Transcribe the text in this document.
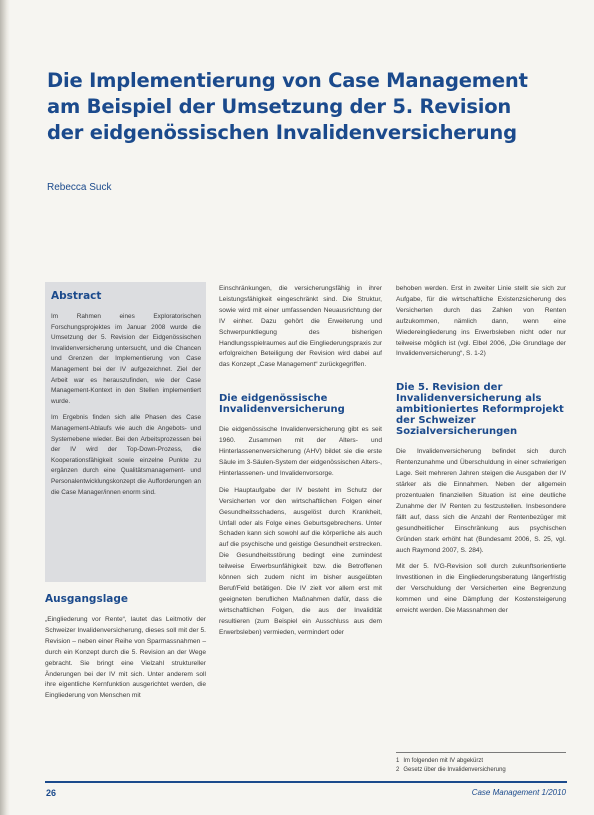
Die Implementierung von Case Management
am Beispiel der Umsetzung der 5. Revision
der eidgenössischen Invalidenversicherung
Rebecca Suck
Abstract

Im Rahmen eines Exploratorischen Forschungsprojektes im Januar 2008 wurde die Umsetzung der 5. Revision der Eidgenössischen Invalidenversicherung untersucht, und die Chancen und Grenzen der Implementierung von Case Management bei der IV aufgezeichnet. Ziel der Arbeit war es herauszufinden, wie der Case Management-Kontext in den Stellen implementiert wurde.

Im Ergebnis finden sich alle Phasen des Case Management-Ablaufs wie auch die Angebots- und Systemebene wieder. Bei den Arbeitsprozessen bei der IV wird der Top-Down-Prozess, die Kooperationsfähigkeit sowie einzelne Punkte zu ergänzen durch eine Qualitätsmanagement- und Personalentwicklungskonzept die Aufforderungen an die Case Manager/innen enorm sind.

Ausgangslage

„Eingliederung vor Rente“, lautet das Leitmotiv der Schweizer Invalidenversicherung, dieses soll mit der 5. Revision – neben einer Reihe von Sparmassnahmen – durch ein Konzept durch die 5. Revision an der Wege gebracht. Sie bringt eine Vielzahl struktureller Änderungen bei der IV mit sich. Unter anderem soll ihre eigentliche Kernfunktion ausgerichtet werden, die Eingliederung von Menschen mit

Einschränkungen, die versicherungsfähig in ihrer Leistungsfähigkeit eingeschränkt sind. Die Struktur, sowie wird mit einer umfassenden Neuausrichtung der IV einher. Dazu gehört die Erweiterung und Schwerpunktlegung des bisherigen Handlungsspielraumes auf die Eingliederungspraxis zur erfolgreichen Beteiligung der Revision wird dabei auf das Konzept „Case Management“ zurückgegriffen.

Die eidgenössische Invalidenversicherung

Die eidgenössische Invalidenversicherung gibt es seit 1960. Zusammen mit der Alters- und Hinterlassenenversicherung (AHV) bildet sie die erste Säule im 3-Säulen-System der eidgenössischen Alters-, Hinterlassenen- und Invalidenvorsorge.

Die Hauptaufgabe der IV besteht im Schutz der Versicherten vor den wirtschaftlichen Folgen einer Gesundheitsschadens, ausgelöst durch Krankheit, Unfall oder als Folge eines Geburtsgebrechens. Unter Schaden kann sich sowohl auf die körperliche als auch auf die psychische und geistige Gesundheit erstrecken. Die Gesundheitsstörung bedingt eine zumindest teilweise Erwerbsunfähigkeit bzw. die Betroffenen können sich zudem nicht im bisher ausgeübten Beruf/Feld betätigen. Die IV zielt vor allem erst mit geeigneten beruflichen Maßnahmen dafür, dass die wirtschaftlichen Folgen, die aus der Invalidität resultieren (zum Beispiel ein Ausschluss aus dem Erwerbsleben) vermieden, vermindert oder

behoben werden. Erst in zweiter Linie stellt sie sich zur Aufgabe, für die wirtschaftliche Existenzsicherung des Versicherten durch das Zahlen von Renten aufzukommen, nämlich dann, wenn eine Wiedereingliederung ins Erwerbsleben nicht oder nur teilweise möglich ist (vgl. Elbel 2006, „Die Grundlage der Invalidenversicherung“, S. 1-2)

Die 5. Revision der Invalidenversicherung als ambitioniertes Reformprojekt der Schweizer Sozialversicherungen

Die Invalidenversicherung befindet sich durch Rentenzunahme und Überschuldung in einer schwierigen Lage. Seit mehreren Jahren steigen die Ausgaben der IV stärker als die Einnahmen. Neben der allgemein prozentualen finanziellen Situation ist eine deutliche Zunahme der IV Renten zu festzustellen. Insbesondere fällt auf, dass sich die Anzahl der Rentenbezüger mit gesundheitlicher Einschränkung aus psychischen Gründen stark erhöht hat (Bundesamt 2006, S. 25, vgl. auch Raymond 2007, S. 284).

Mit der 5. IVG-Revision soll durch zukunftsorientierte Investitionen in die Eingliederungsberatung längerfristig der Verschuldung der Versicherten eine Begrenzung kommen und eine Dämpfung der Kostensteigerung erreicht werden. Die Massnahmen der

1 Im folgenden mit IV abgekürzt
2 Gesetz über die Invalidenversicherung
26	Case Management 1/2010
